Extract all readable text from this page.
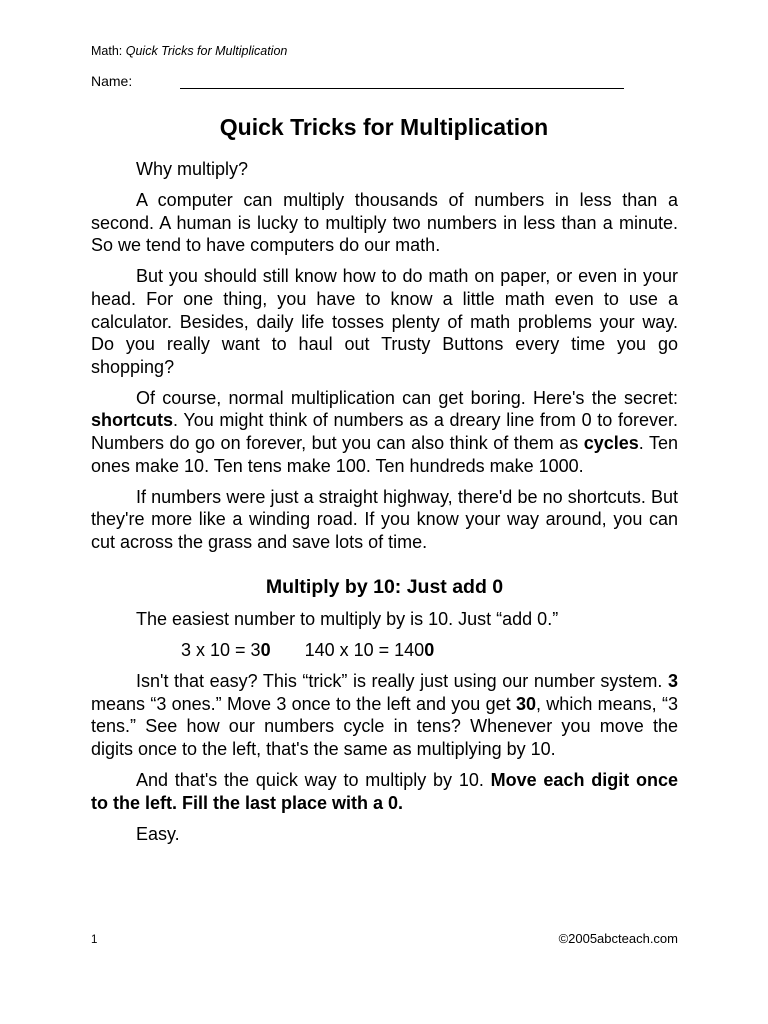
Math: Quick Tricks for Multiplication
Name:
Quick Tricks for Multiplication

Why multiply?

A computer can multiply thousands of numbers in less than a second. A human is lucky to multiply two numbers in less than a minute. So we tend to have computers do our math.

But you should still know how to do math on paper, or even in your head. For one thing, you have to know a little math even to use a calculator. Besides, daily life tosses plenty of math problems your way. Do you really want to haul out Trusty Buttons every time you go shopping?

Of course, normal multiplication can get boring. Here's the secret: shortcuts. You might think of numbers as a dreary line from 0 to forever. Numbers do go on forever, but you can also think of them as cycles. Ten ones make 10. Ten tens make 100. Ten hundreds make 1000.

If numbers were just a straight highway, there'd be no shortcuts. But they're more like a winding road. If you know your way around, you can cut across the grass and save lots of time.

Multiply by 10: Just add 0

The easiest number to multiply by is 10. Just “add 0.”

3 x 10 = 30 140 x 10 = 1400

Isn't that easy? This “trick” is really just using our number system. 3 means “3 ones.” Move 3 once to the left and you get 30, which means, “3 tens.” See how our numbers cycle in tens? Whenever you move the digits once to the left, that's the same as multiplying by 10.

And that's the quick way to multiply by 10. Move each digit once to the left. Fill the last place with a 0.

Easy.

1	©2005abcteach.com
